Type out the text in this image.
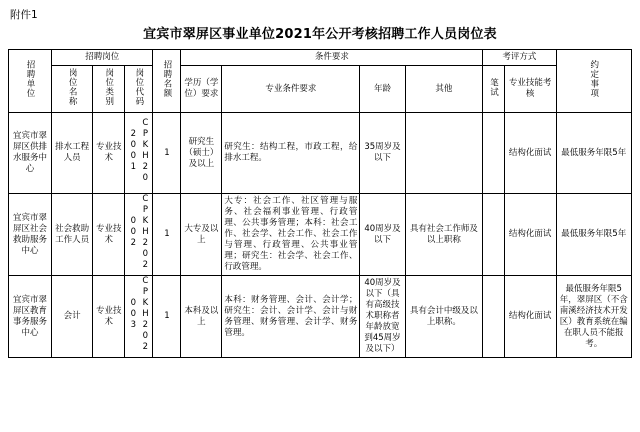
附件1
宜宾市翠屏区事业单位2021年公开考核招聘工作人员岗位表
招聘单位	招聘岗位			招聘名额	条件要求				考评方式		约定事项
	岗位名称	岗位类别	岗位代码		学历（学位）要求	专业条件要求	年龄	其他	笔试	专业技能考核	

宜宾市翠屏区供排水服务中心	排水工程人员	专业技术	CPKH202001	1	研究生（硕士）及以上	研究生：结构工程，市政工程，给排水工程。	35周岁及以下			结构化面试	最低服务年限5年
宜宾市翠屏区社会救助服务中心	社会救助工作人员	专业技术	CPKH202002	1	大专及以上	大专：社会工作、社区管理与服务、社会福利事业管理、行政管理、公共事务管理；本科：社会工作、社会学、社会工作、社会工作与管理、行政管理、公共事业管理；研究生：社会学、社会工作、行政管理。	40周岁及以下	具有社会工作师及以上职称		结构化面试	最低服务年限5年
宜宾市翠屏区教育事务服务中心	会计	专业技术	CPKH202003	1	本科及以上	本科：财务管理、会计、会计学；研究生：会计、会计学、会计与财务管理、财务管理、会计学、财务管理。	40周岁及以下（具有高级技术职称者年龄放宽到45周岁及以下）	具有会计中级及以上职称。		结构化面试	最低服务年限5年，翠屏区（不含南溪经济技术开发区）教育系统在编在职人员不能报考。
